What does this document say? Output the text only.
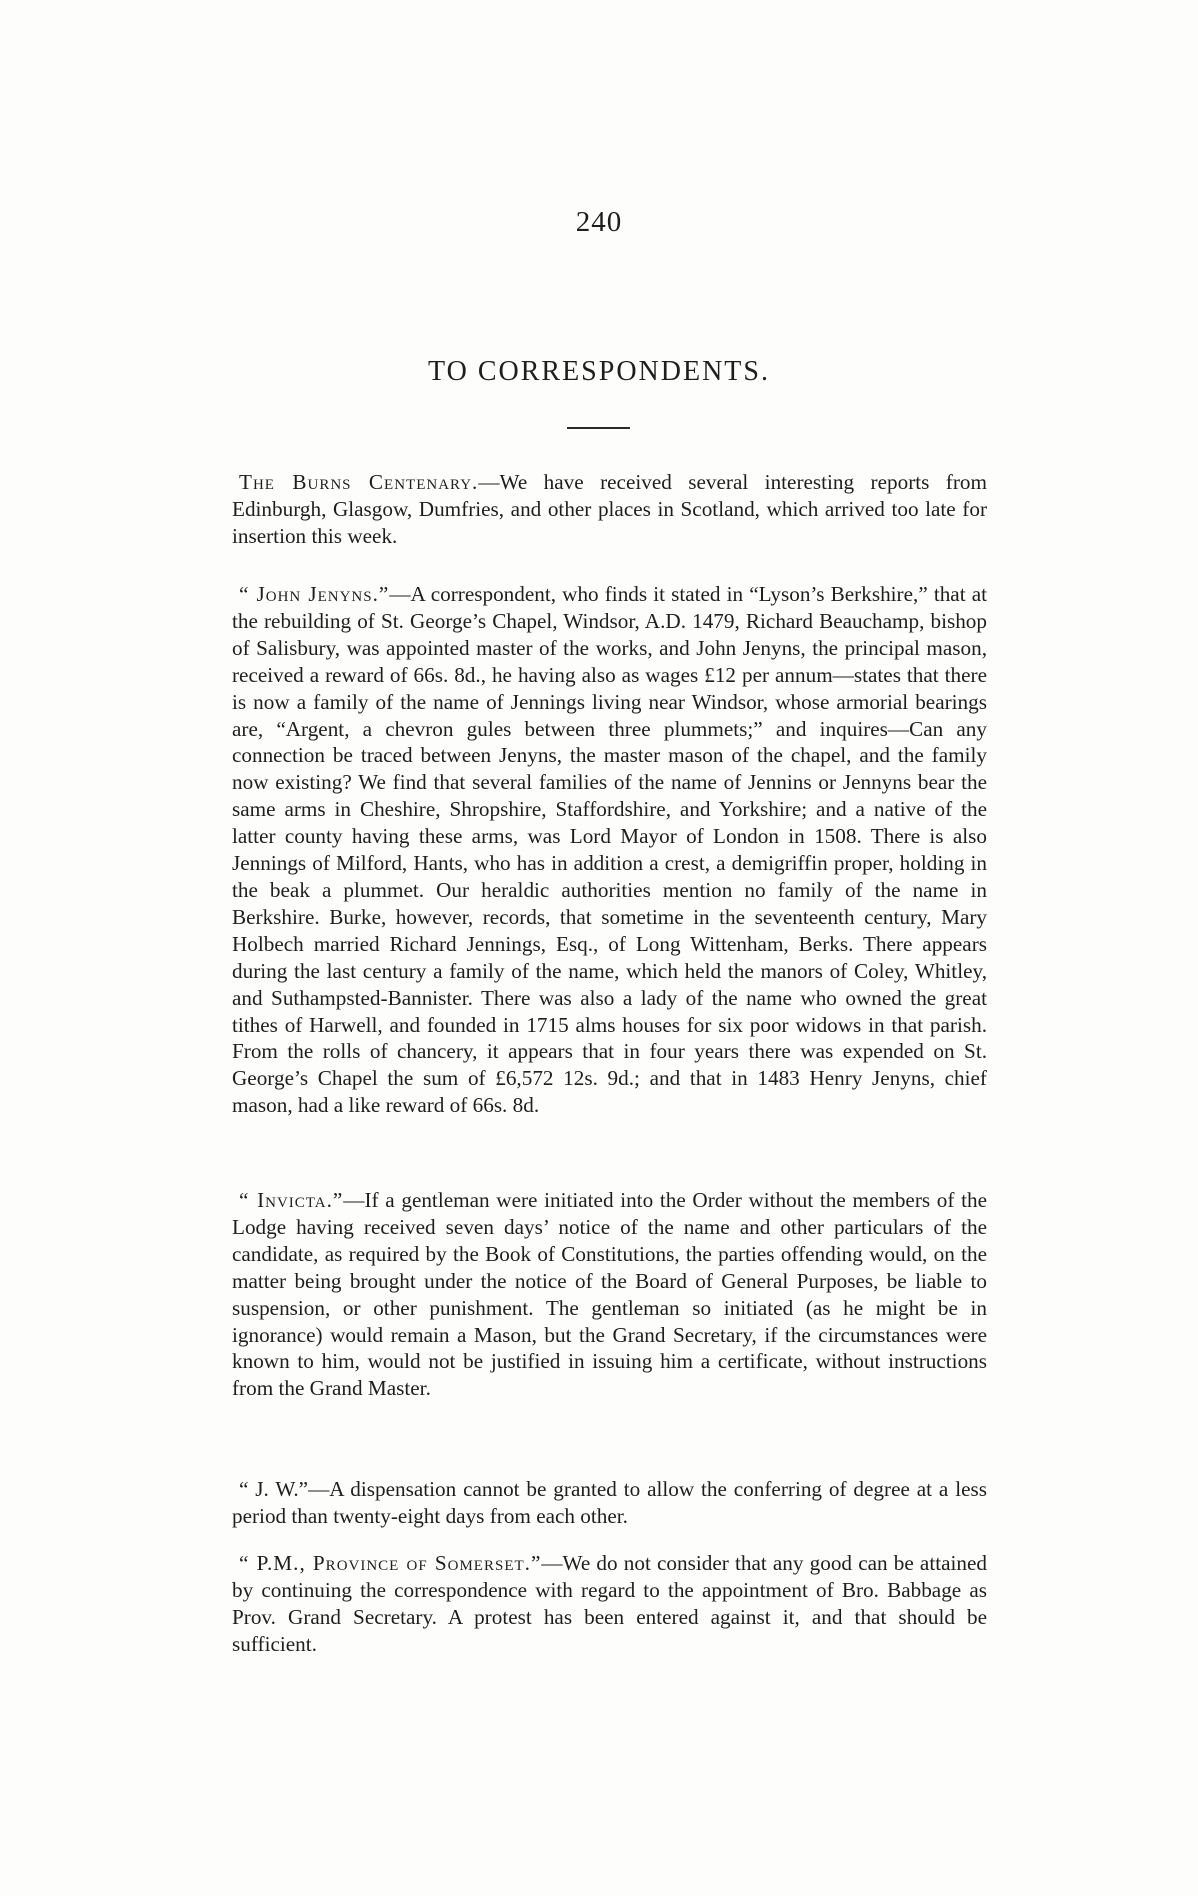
240
TO CORRESPONDENTS.

The Burns Centenary.—We have received several interesting reports from Edinburgh, Glasgow, Dumfries, and other places in Scotland, which arrived too late for insertion this week.

“ John Jenyns.”—A correspondent, who finds it stated in “Lyson’s Berkshire,” that at the rebuilding of St. George’s Chapel, Windsor, A.D. 1479, Richard Beauchamp, bishop of Salisbury, was appointed master of the works, and John Jenyns, the principal mason, received a reward of 66s. 8d., he having also as wages £12 per annum—states that there is now a family of the name of Jennings living near Windsor, whose armorial bearings are, “Argent, a chevron gules between three plummets;” and inquires—Can any connection be traced between Jenyns, the master mason of the chapel, and the family now existing? We find that several families of the name of Jennins or Jennyns bear the same arms in Cheshire, Shropshire, Staffordshire, and Yorkshire; and a native of the latter county having these arms, was Lord Mayor of London in 1508. There is also Jennings of Milford, Hants, who has in addition a crest, a demigriffin proper, holding in the beak a plummet. Our heraldic authorities mention no family of the name in Berkshire. Burke, however, records, that sometime in the seventeenth century, Mary Holbech married Richard Jennings, Esq., of Long Wittenham, Berks. There appears during the last century a family of the name, which held the manors of Coley, Whitley, and Suthampsted-Bannister. There was also a lady of the name who owned the great tithes of Harwell, and founded in 1715 alms houses for six poor widows in that parish. From the rolls of chancery, it appears that in four years there was expended on St. George’s Chapel the sum of £6,572 12s. 9d.; and that in 1483 Henry Jenyns, chief mason, had a like reward of 66s. 8d.

“ Invicta.”—If a gentleman were initiated into the Order without the members of the Lodge having received seven days’ notice of the name and other particulars of the candidate, as required by the Book of Constitutions, the parties offending would, on the matter being brought under the notice of the Board of General Purposes, be liable to suspension, or other punishment. The gentleman so initiated (as he might be in ignorance) would remain a Mason, but the Grand Secretary, if the circumstances were known to him, would not be justified in issuing him a certificate, without instructions from the Grand Master.

“ J. W.”—A dispensation cannot be granted to allow the conferring of degree at a less period than twenty-eight days from each other.

“ P.M., Province of Somerset.”—We do not consider that any good can be attained by continuing the correspondence with regard to the appointment of Bro. Babbage as Prov. Grand Secretary. A protest has been entered against it, and that should be sufficient.
